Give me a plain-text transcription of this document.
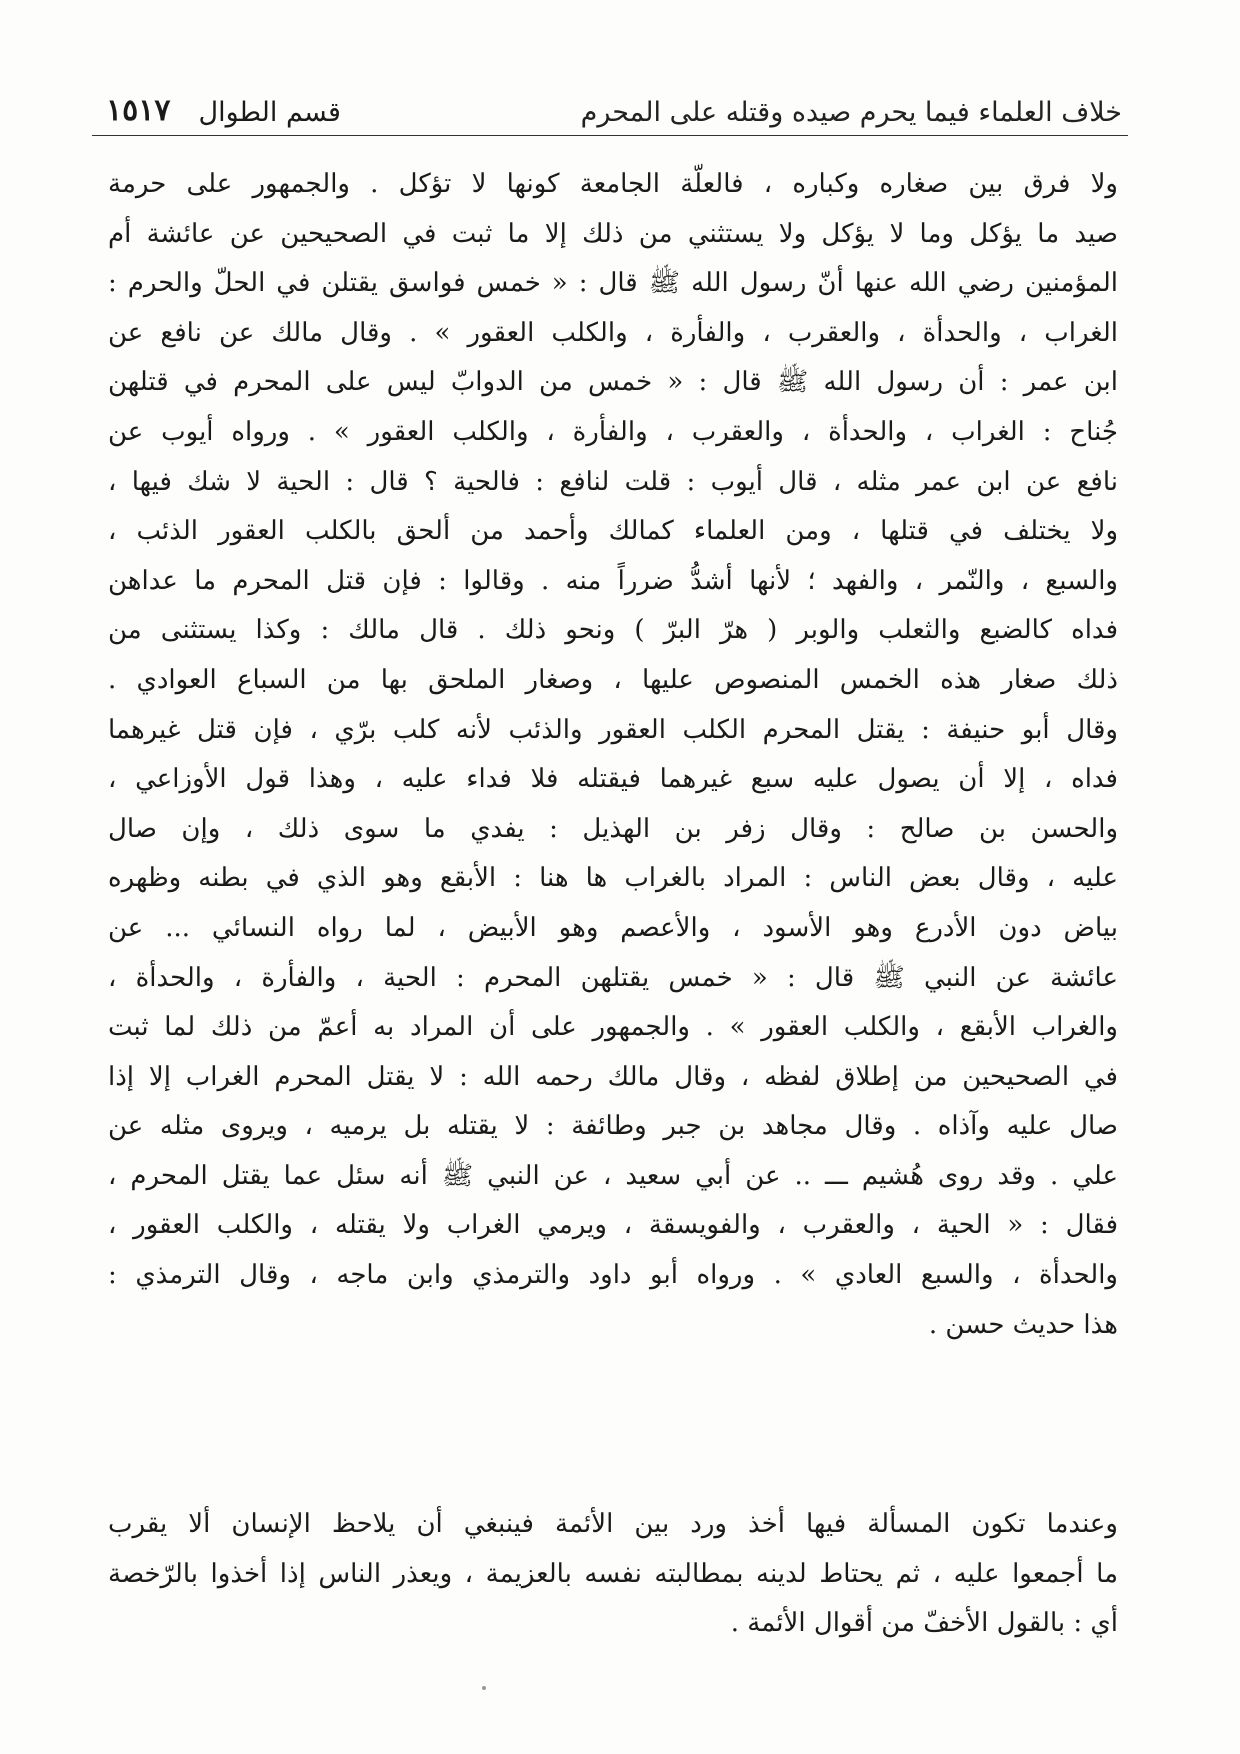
خلاف العلماء فيما يحرم صيده وقتله على المحرم
قسم الطوال
١٥١٧
ولا فرق بين صغاره وكباره ، فالعلّة الجامعة كونها لا تؤكل . والجمهور على حرمة
صيد ما يؤكل وما لا يؤكل ولا يستثني من ذلك إلا ما ثبت في الصحيحين عن عائشة أم
المؤمنين رضي الله عنها أنّ رسول الله ﷺ قال : « خمس فواسق يقتلن في الحلّ والحرم :
الغراب ، والحدأة ، والعقرب ، والفأرة ، والكلب العقور » . وقال مالك عن نافع عن
ابن عمر : أن رسول الله ﷺ قال : « خمس من الدوابّ ليس على المحرم في قتلهن
جُناح : الغراب ، والحدأة ، والعقرب ، والفأرة ، والكلب العقور » . ورواه أيوب عن
نافع عن ابن عمر مثله ، قال أيوب : قلت لنافع : فالحية ؟ قال : الحية لا شك فيها ،
ولا يختلف في قتلها ، ومن العلماء كمالك وأحمد من ألحق بالكلب العقور الذئب ،
والسبع ، والنّمر ، والفهد ؛ لأنها أشدُّ ضرراً منه . وقالوا : فإن قتل المحرم ما عداهن
فداه كالضبع والثعلب والوبر ( هرّ البرّ ) ونحو ذلك . قال مالك : وكذا يستثنى من
ذلك صغار هذه الخمس المنصوص عليها ، وصغار الملحق بها من السباع العوادي .
وقال أبو حنيفة : يقتل المحرم الكلب العقور والذئب لأنه كلب برّي ، فإن قتل غيرهما
فداه ، إلا أن يصول عليه سبع غيرهما فيقتله فلا فداء عليه ، وهذا قول الأوزاعي ،
والحسن بن صالح : وقال زفر بن الهذيل : يفدي ما سوى ذلك ، وإن صال
عليه ، وقال بعض الناس : المراد بالغراب ها هنا : الأبقع وهو الذي في بطنه وظهره
بياض دون الأدرع وهو الأسود ، والأعصم وهو الأبيض ، لما رواه النسائي ... عن
عائشة عن النبي ﷺ قال : « خمس يقتلهن المحرم : الحية ، والفأرة ، والحدأة ،
والغراب الأبقع ، والكلب العقور » . والجمهور على أن المراد به أعمّ من ذلك لما ثبت
في الصحيحين من إطلاق لفظه ، وقال مالك رحمه الله : لا يقتل المحرم الغراب إلا إذا
صال عليه وآذاه . وقال مجاهد بن جبر وطائفة : لا يقتله بل يرميه ، ويروى مثله عن
علي . وقد روى هُشيم ـــ .. عن أبي سعيد ، عن النبي ﷺ أنه سئل عما يقتل المحرم ،
فقال : « الحية ، والعقرب ، والفويسقة ، ويرمي الغراب ولا يقتله ، والكلب العقور ،
والحدأة ، والسبع العادي » . ورواه أبو داود والترمذي وابن ماجه ، وقال الترمذي :
هذا حديث حسن .
وعندما تكون المسألة فيها أخذ ورد بين الأئمة فينبغي أن يلاحظ الإنسان ألا يقرب
ما أجمعوا عليه ، ثم يحتاط لدينه بمطالبته نفسه بالعزيمة ، ويعذر الناس إذا أخذوا بالرّخصة
أي : بالقول الأخفّ من أقوال الأئمة .
